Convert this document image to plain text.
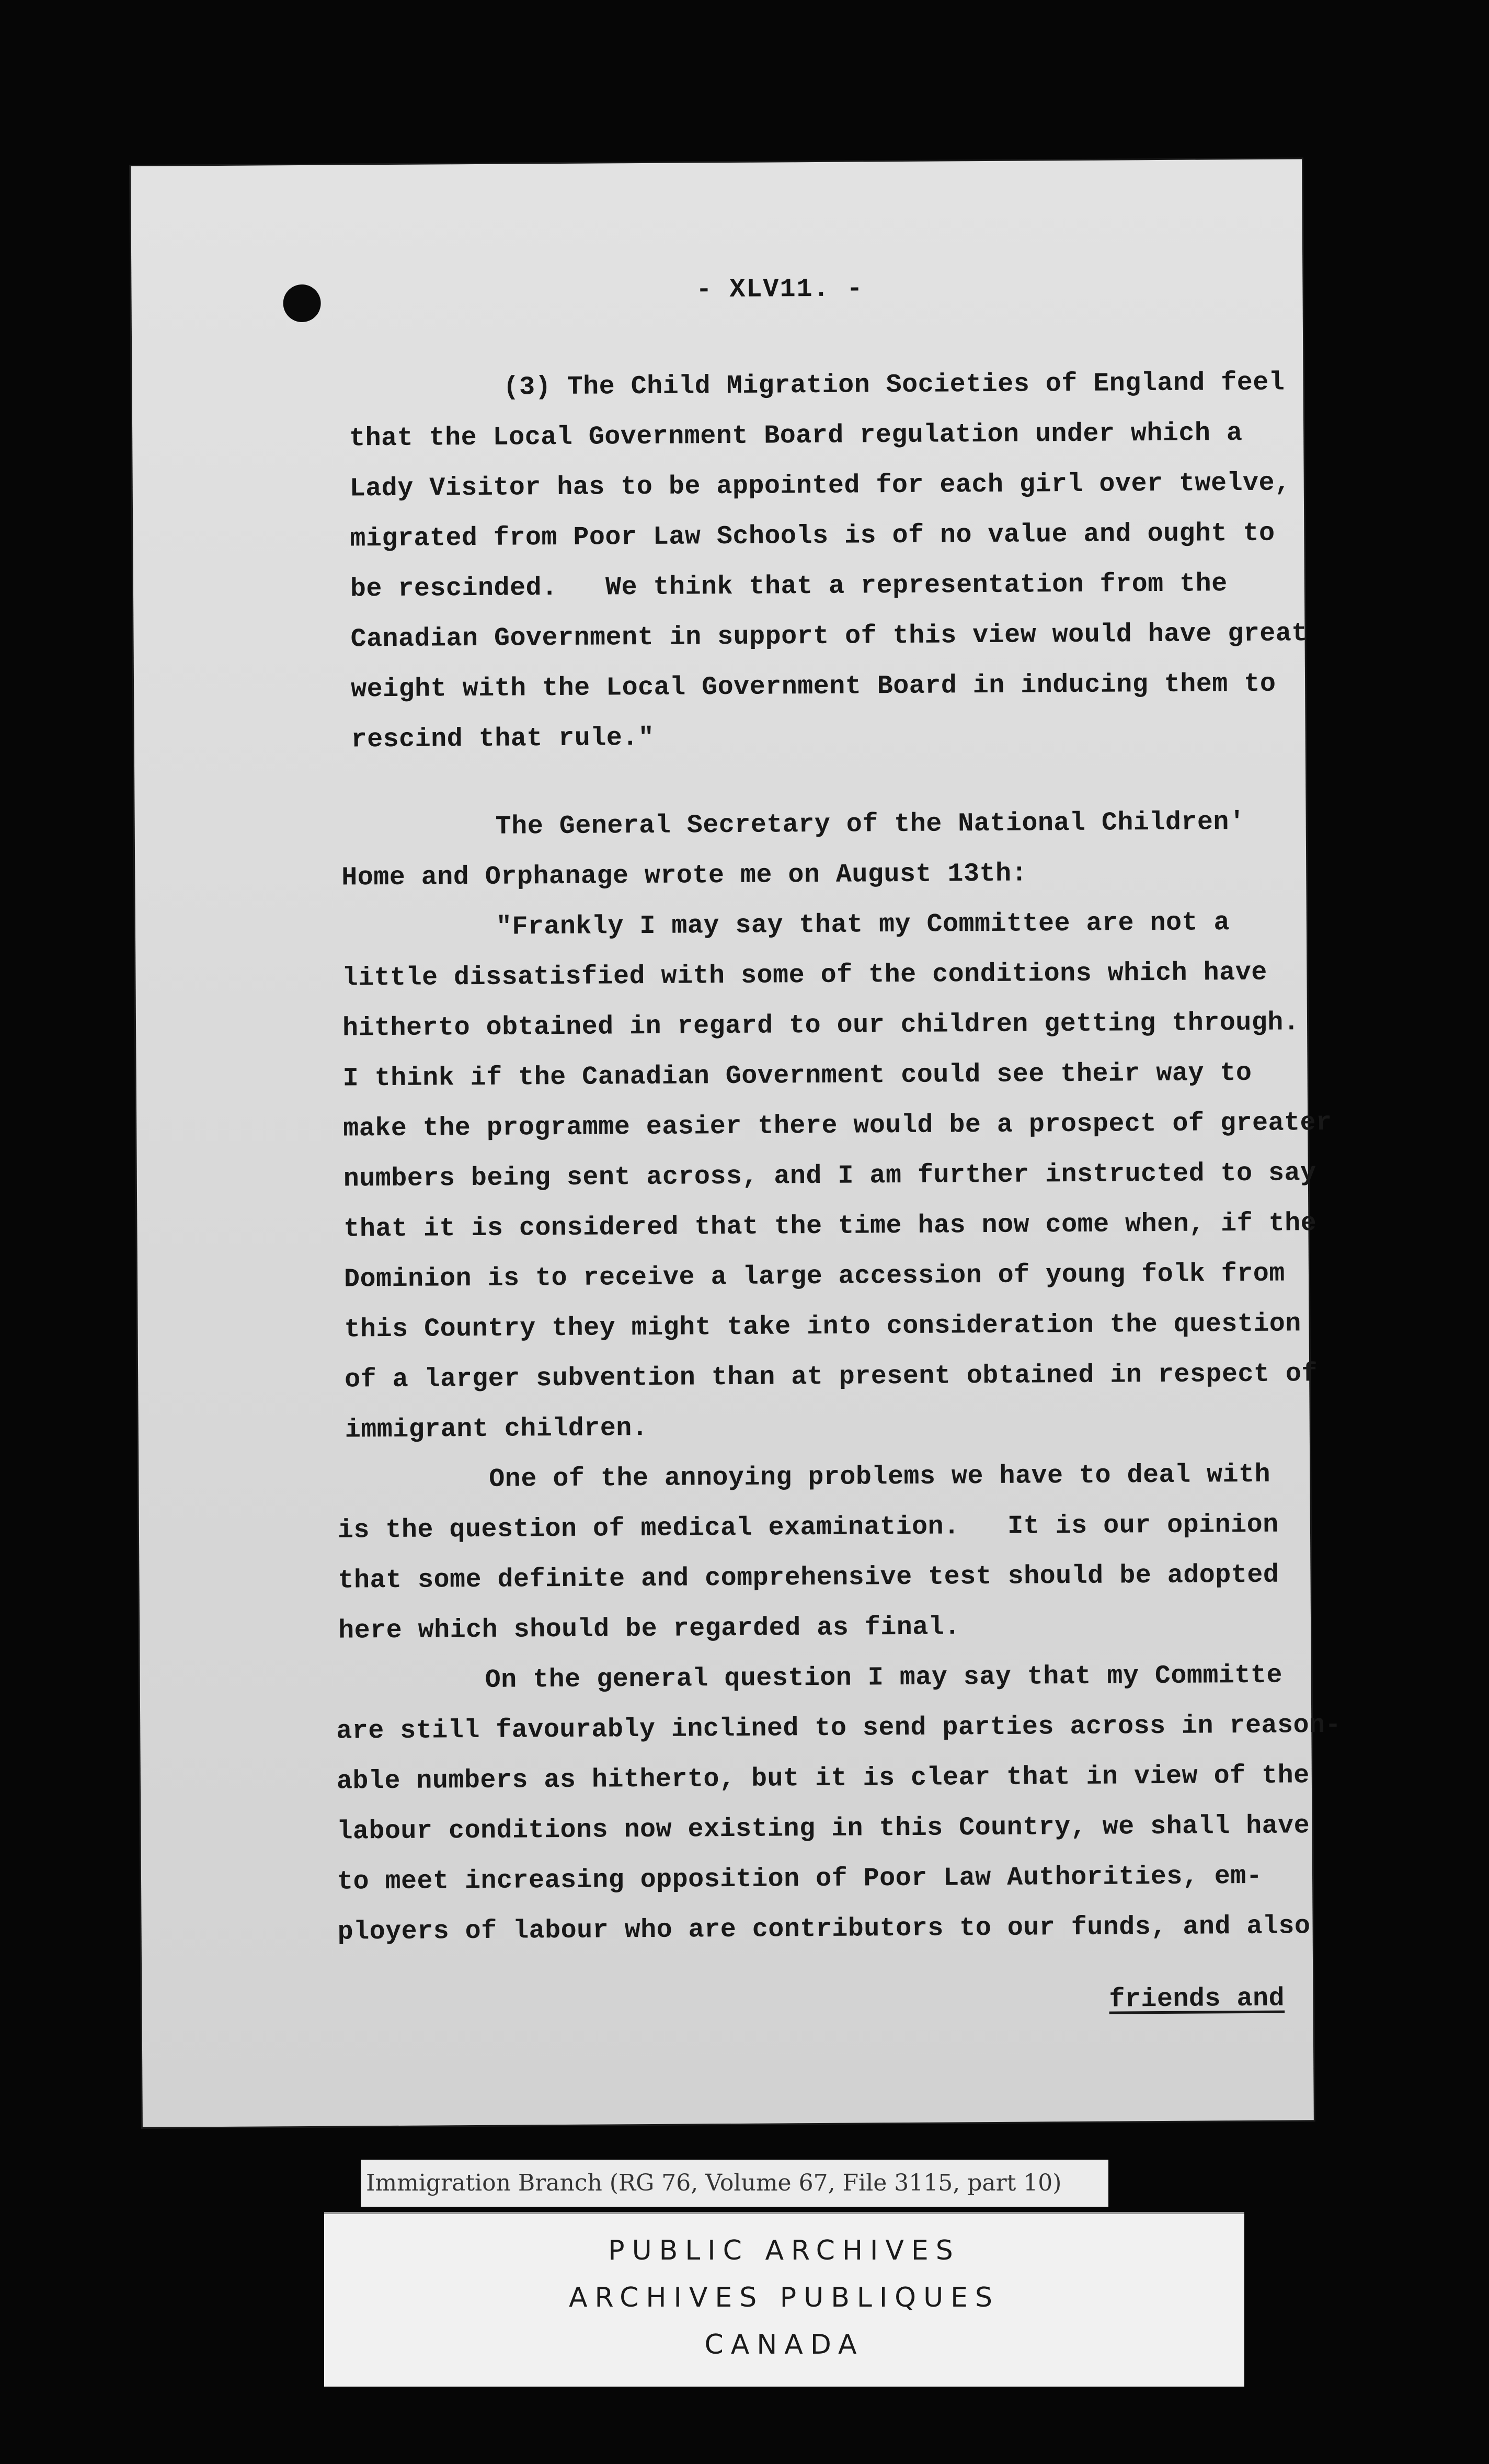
- XLV11. -
(3) The Child Migration Societies of England feel
that the Local Government Board regulation under which a
Lady Visitor has to be appointed for each girl over twelve,
migrated from Poor Law Schools is of no value and ought to
be rescinded.   We think that a representation from the
Canadian Government in support of this view would have great
weight with the Local Government Board in inducing them to
rescind that rule."
The General Secretary of the National Children'
Home and Orphanage wrote me on August 13th:
"Frankly I may say that my Committee are not a
little dissatisfied with some of the conditions which have
hitherto obtained in regard to our children getting through.
I think if the Canadian Government could see their way to
make the programme easier there would be a prospect of greater
numbers being sent across, and I am further instructed to say
that it is considered that the time has now come when, if the
Dominion is to receive a large accession of young folk from
this Country they might take into consideration the question
of a larger subvention than at present obtained in respect of
immigrant children.
One of the annoying problems we have to deal with
is the question of medical examination.   It is our opinion
that some definite and comprehensive test should be adopted
here which should be regarded as final.
On the general question I may say that my Committe
are still favourably inclined to send parties across in reason-
able numbers as hitherto, but it is clear that in view of the
labour conditions now existing in this Country, we shall have
to meet increasing opposition of Poor Law Authorities, em-
ployers of labour who are contributors to our funds, and also
friends and
Immigration Branch (RG 76, Volume 67, File 3115, part 10)
PUBLIC ARCHIVES
ARCHIVES PUBLIQUES
CANADA
